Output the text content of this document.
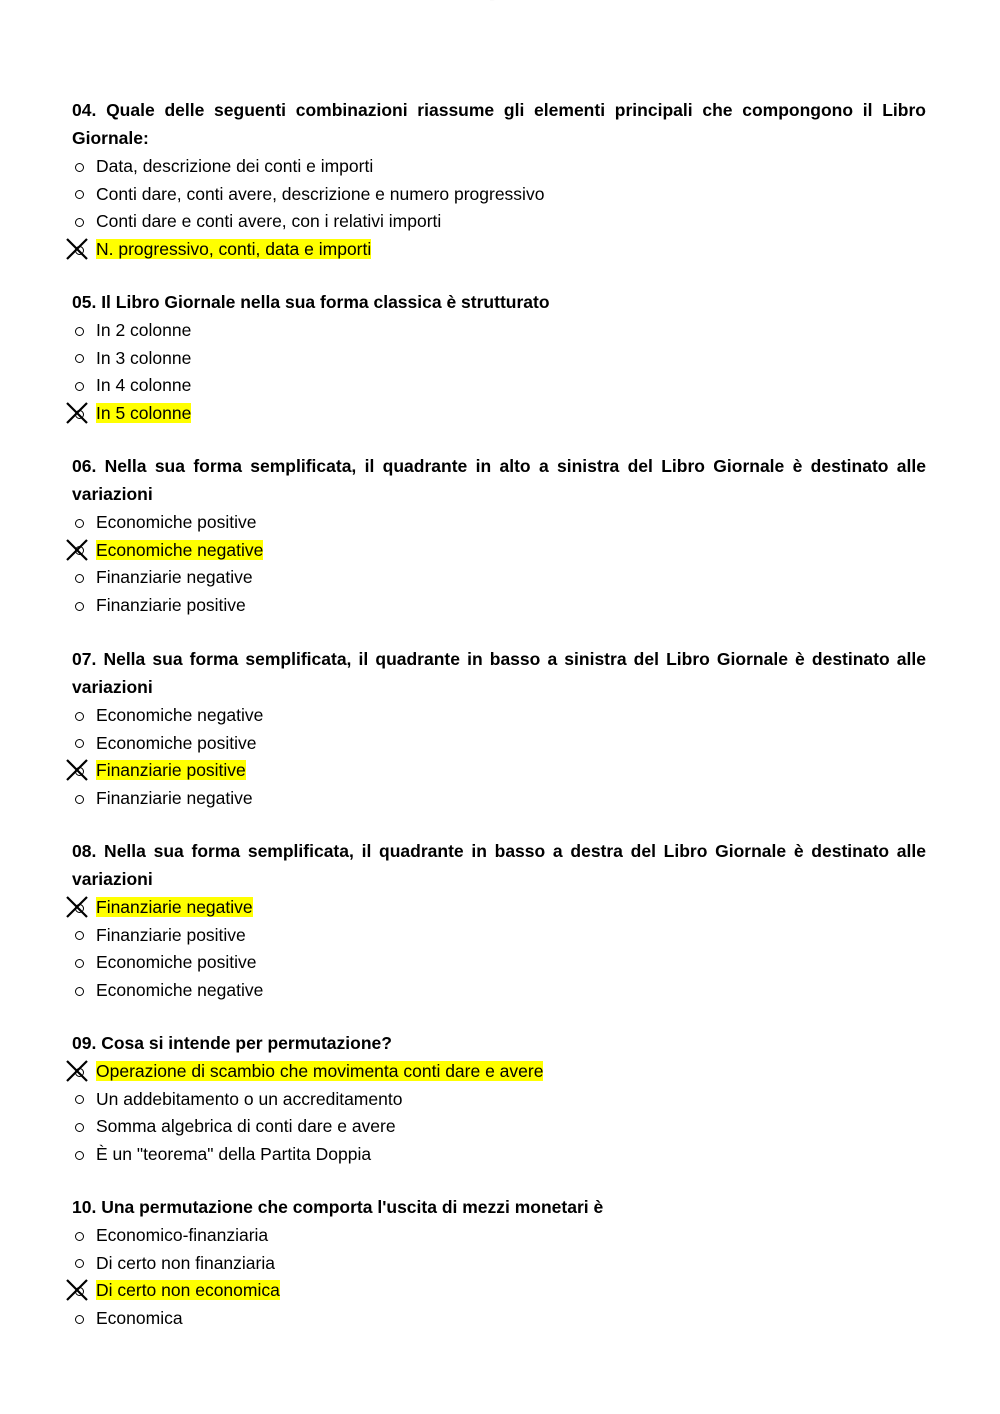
· · · ·
04. Quale delle seguenti combinazioni riassume gli elementi principali che compongono il Libro Giornale:
Data, descrizione dei conti e importi
Conti dare, conti avere, descrizione e numero progressivo
Conti dare e conti avere, con i relativi importi
N. progressivo, conti, data e importi
05. Il Libro Giornale nella sua forma classica è strutturato
In 2 colonne
In 3 colonne
In 4 colonne
In 5 colonne
06. Nella sua forma semplificata, il quadrante in alto a sinistra del Libro Giornale è destinato alle variazioni
Economiche positive
Economiche negative
Finanziarie negative
Finanziarie positive
07. Nella sua forma semplificata, il quadrante in basso a sinistra del Libro Giornale è destinato alle variazioni
Economiche negative
Economiche positive
Finanziarie positive
Finanziarie negative
08. Nella sua forma semplificata, il quadrante in basso a destra del Libro Giornale è destinato alle variazioni
Finanziarie negative
Finanziarie positive
Economiche positive
Economiche negative
09. Cosa si intende per permutazione?
Operazione di scambio che movimenta conti dare e avere
Un addebitamento o un accreditamento
Somma algebrica di conti dare e avere
È un "teorema" della Partita Doppia
10. Una permutazione che comporta l'uscita di mezzi monetari è
Economico-finanziaria
Di certo non finanziaria
Di certo non economica
Economica
